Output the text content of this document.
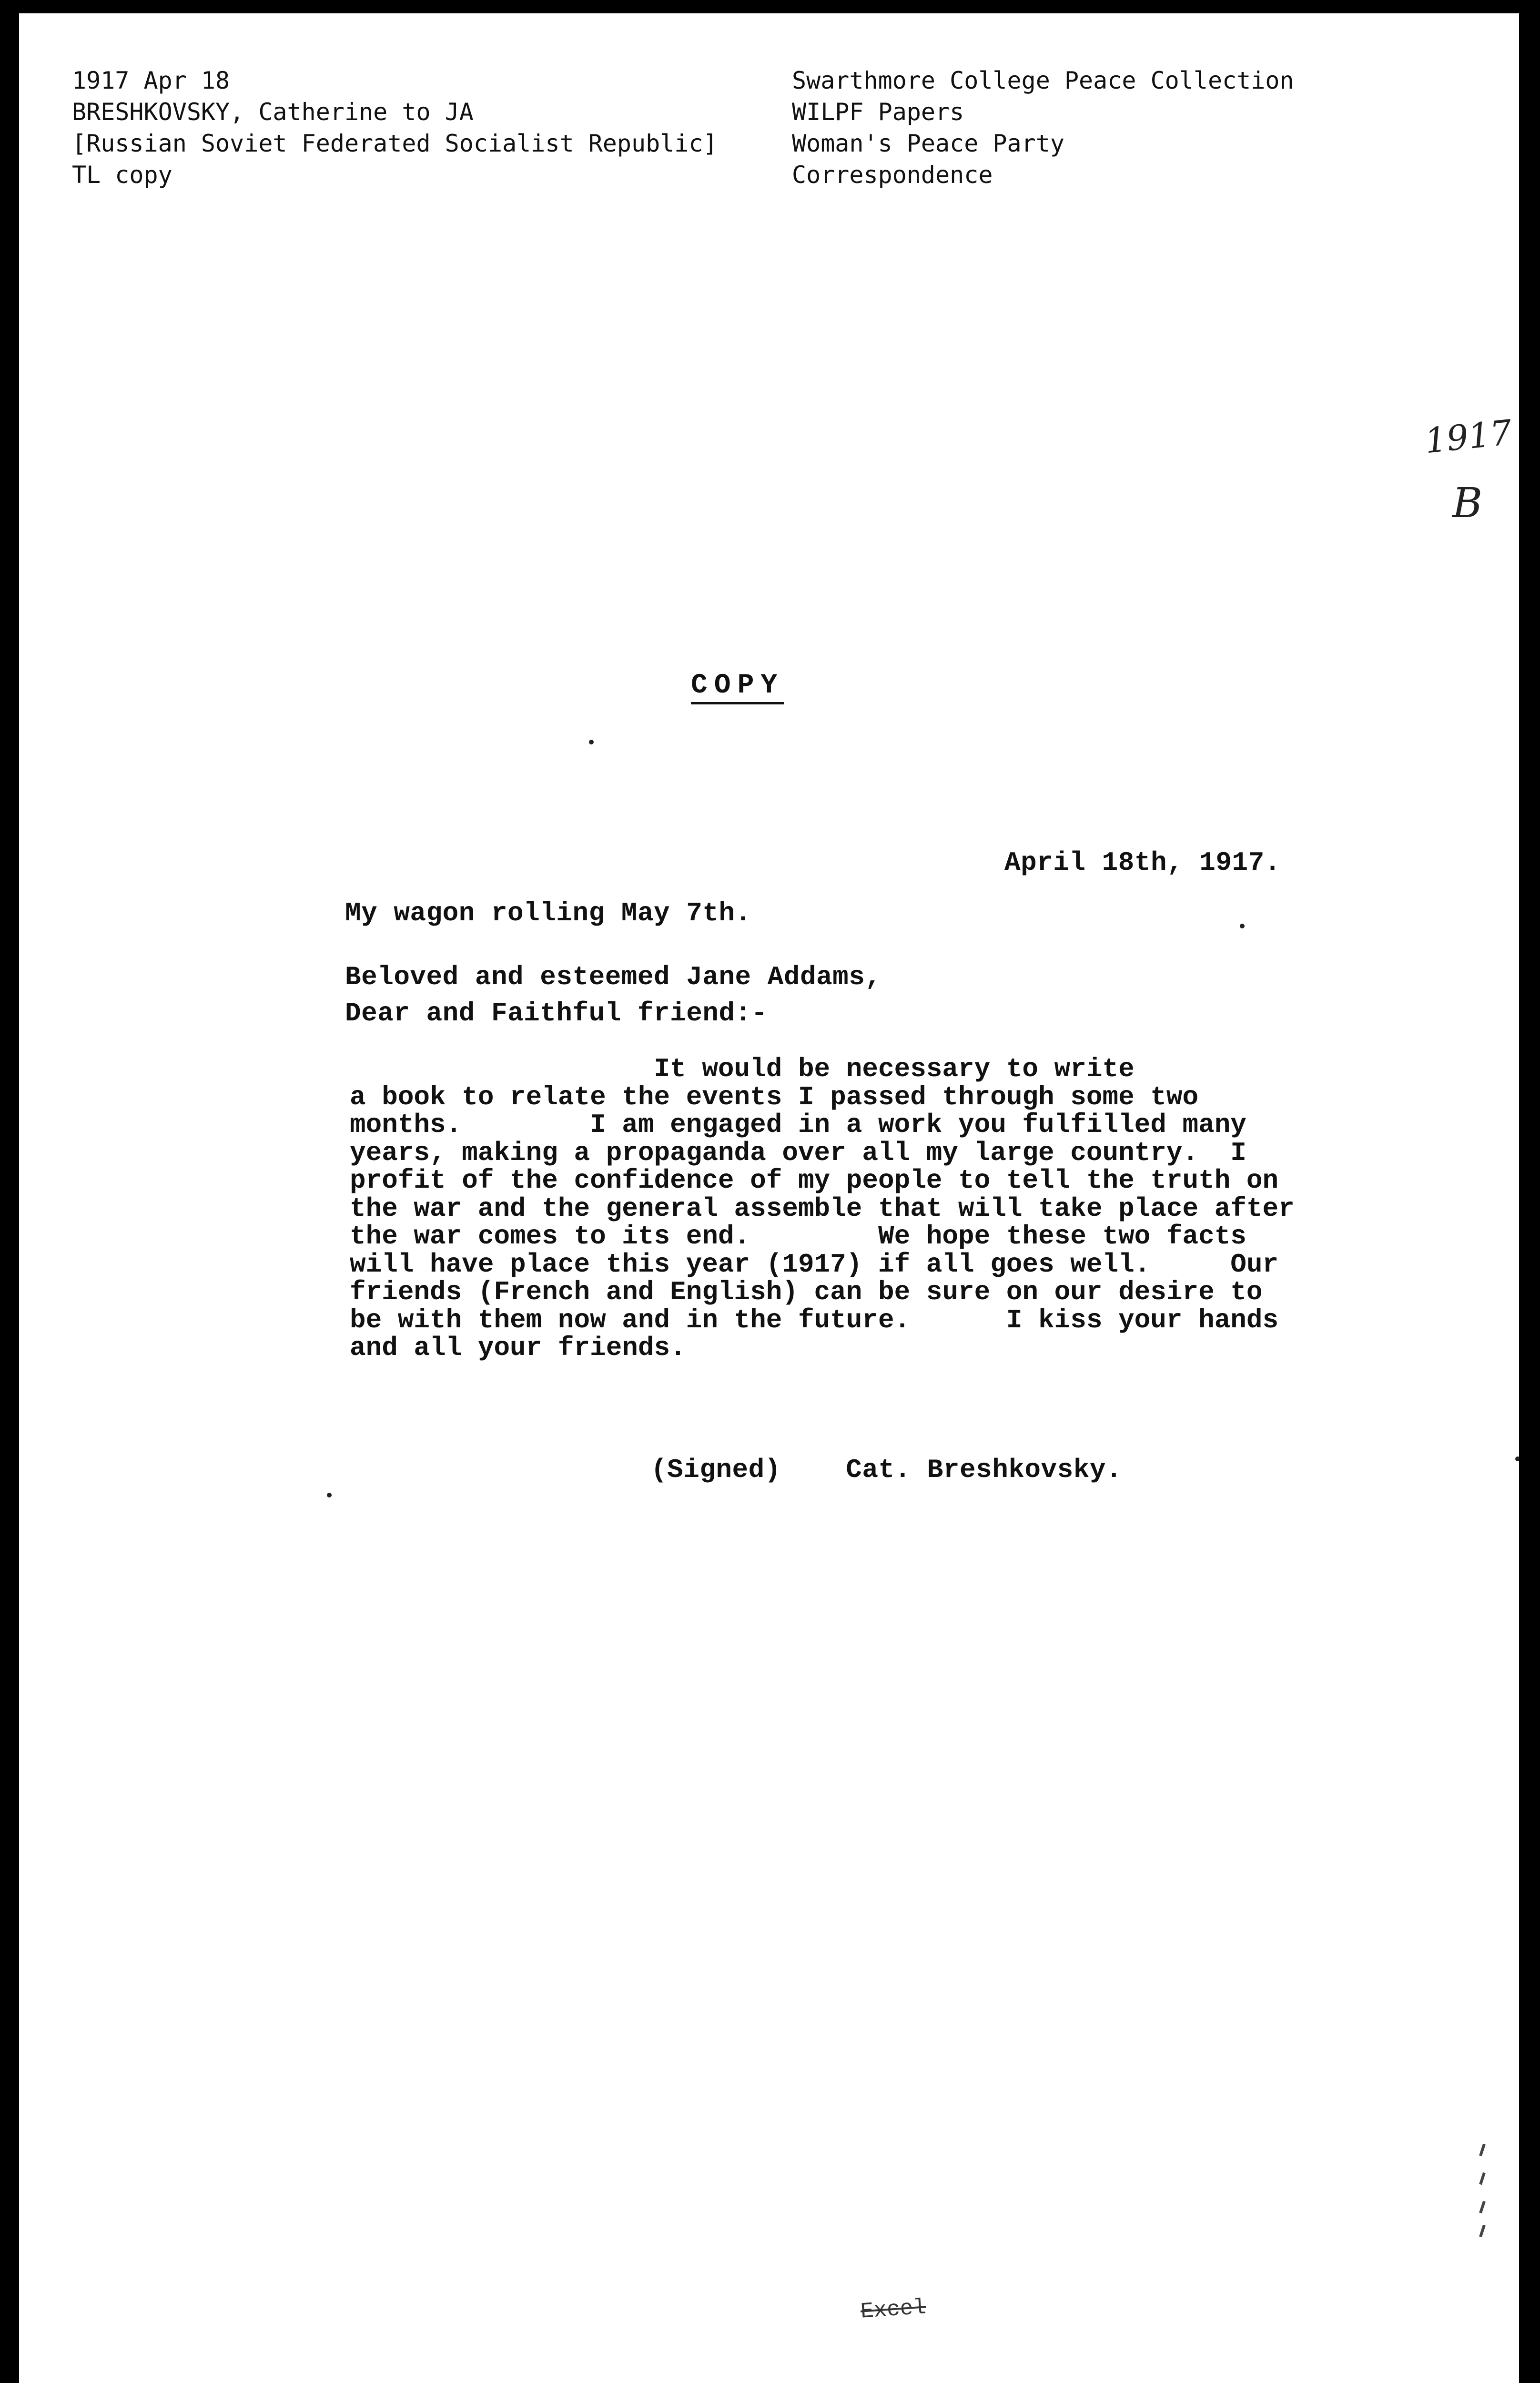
1917 Apr 18
BRESHKOVSKY, Catherine to JA
[Russian Soviet Federated Socialist Republic]
TL copy
Swarthmore College Peace Collection
WILPF Papers
Woman's Peace Party
Correspondence
1917
B
COPY
April 18th, 1917.
My wagon rolling May 7th.
Beloved and esteemed Jane Addams,
Dear and Faithful friend:-
It would be necessary to write
a book to relate the events I passed through some two
months.        I am engaged in a work you fulfilled many
years, making a propaganda over all my large country.  I
profit of the confidence of my people to tell the truth on
the war and the general assemble that will take place after
the war comes to its end.        We hope these two facts
will have place this year (1917) if all goes well.     Our
friends (French and English) can be sure on our desire to
be with them now and in the future.      I kiss your hands
and all your friends.
(Signed)    Cat. Breshkovsky.
Excel
